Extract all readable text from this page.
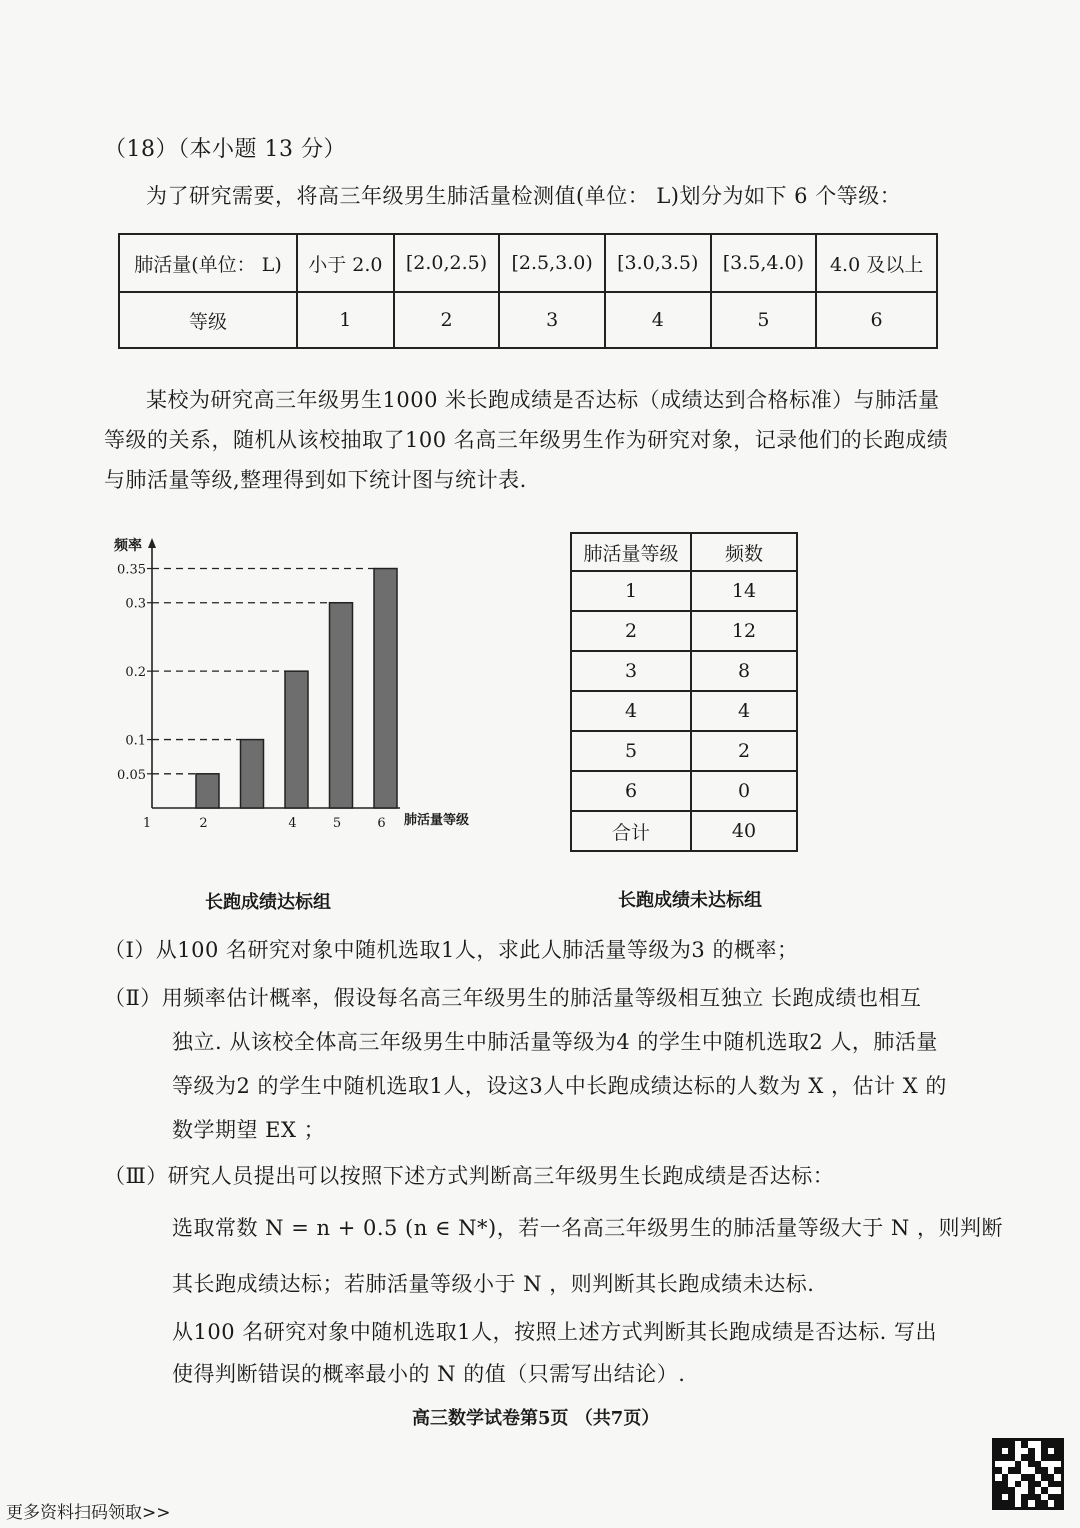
（18）（本小题 13 分）
为了研究需要，将高三年级男生肺活量检测值(单位： L)划分为如下 6 个等级：
肺活量(单位： L)	小于 2.0	[2.0,2.5)	[2.5,3.0)	[3.0,3.5)	[3.5,4.0)	4.0 及以上
等级	1	2	3	4	5	6
某校为研究高三年级男生1000 米长跑成绩是否达标（成绩达到合格标准）与肺活量
等级的关系，随机从该校抽取了100 名高三年级男生作为研究对象，记录他们的长跑成绩
与肺活量等级,整理得到如下统计图与统计表.
频率
肺活量等级
1	2	4	5	6
0.05
0.1
0.2
0.3
0.35
长跑成绩达标组
肺活量等级	频数
1	14
2	12
3	8
4	4
5	2
6	0
合计	40
长跑成绩未达标组
（Ⅰ）从100 名研究对象中随机选取1人，求此人肺活量等级为3 的概率；
（Ⅱ）用频率估计概率，假设每名高三年级男生的肺活量等级相互独立 长跑成绩也相互
独立. 从该校全体高三年级男生中肺活量等级为4 的学生中随机选取2 人，肺活量
等级为2 的学生中随机选取1人，设这3人中长跑成绩达标的人数为 X ，估计 X 的
数学期望 EX ；
（Ⅲ）研究人员提出可以按照下述方式判断高三年级男生长跑成绩是否达标：
选取常数 N = n + 0.5 (n ∈ N*)，若一名高三年级男生的肺活量等级大于 N ，则判断
其长跑成绩达标；若肺活量等级小于 N ，则判断其长跑成绩未达标.
从100 名研究对象中随机选取1人，按照上述方式判断其长跑成绩是否达标. 写出
使得判断错误的概率最小的 N 的值（只需写出结论）.
高三数学试卷第5页 （共7页）
更多资料扫码领取>>
